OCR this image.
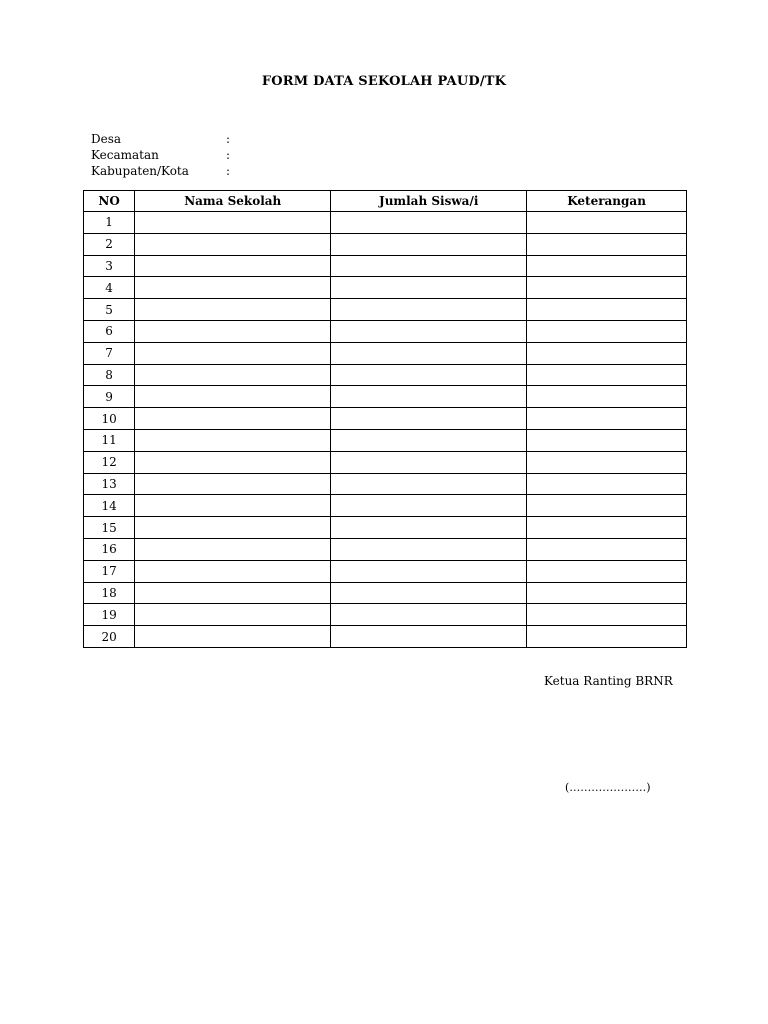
FORM DATA SEKOLAH PAUD/TK
Desa	:
Kecamatan	:
Kabupaten/Kota	:
NO	Nama Sekolah	Jumlah Siswa/i	Keterangan
1			
2			
3			
4			
5			
6			
7			
8			
9			
10			
11			
12			
13			
14			
15			
16			
17			
18			
19			
20			
Ketua Ranting BRNR
(…………………)
